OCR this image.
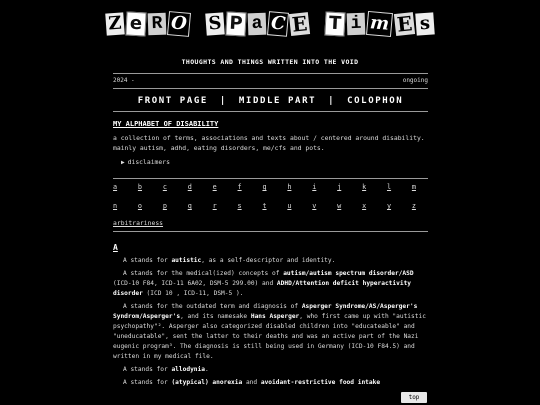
Z e R O S P a C E T i m E s
THOUGHTS AND THINGS WRITTEN INTO THE VOID
2024 -	ongoing
FRONT PAGE | MIDDLE PART | COLOPHON
MY ALPHABET OF DISABILITY
a collection of terms, associations and texts about / centered around disability. mainly autism, adhd, eating disorders, me/cfs and pots.
▶ disclaimers
a	b	c	d	e	f	g	h	i	j	k	l	m
n	o	p	q	r	s	t	u	v	w	x	y	z
arbitrariness
A

A stands for autistic, as a self-descriptor and identity.

A stands for the medical(ized) concepts of autism/autism spectrum disorder/ASD (ICD-10 F84, ICD-11 6A02, DSM-5 299.00) and ADHD/Attention deficit hyperactivity disorder (ICD 10 , ICD-11, DSM-5 ).

A stands for the outdated term and diagnosis of Asperger Syndrome/AS/Asperger's Syndrom/Asperger's, and its namesake Hans Asperger, who first came up with "autistic psychopathy"². Asperger also categorized disabled children into "educateable" and "uneducatable", sent the latter to their deaths and was an active part of the Nazi eugenic program³. The diagnosis is still being used in Germany (ICD-10 F84.5) and written in my medical file.

A stands for allodynia.

A stands for (atypical) anorexia and avoidant-restrictive food intake

top
